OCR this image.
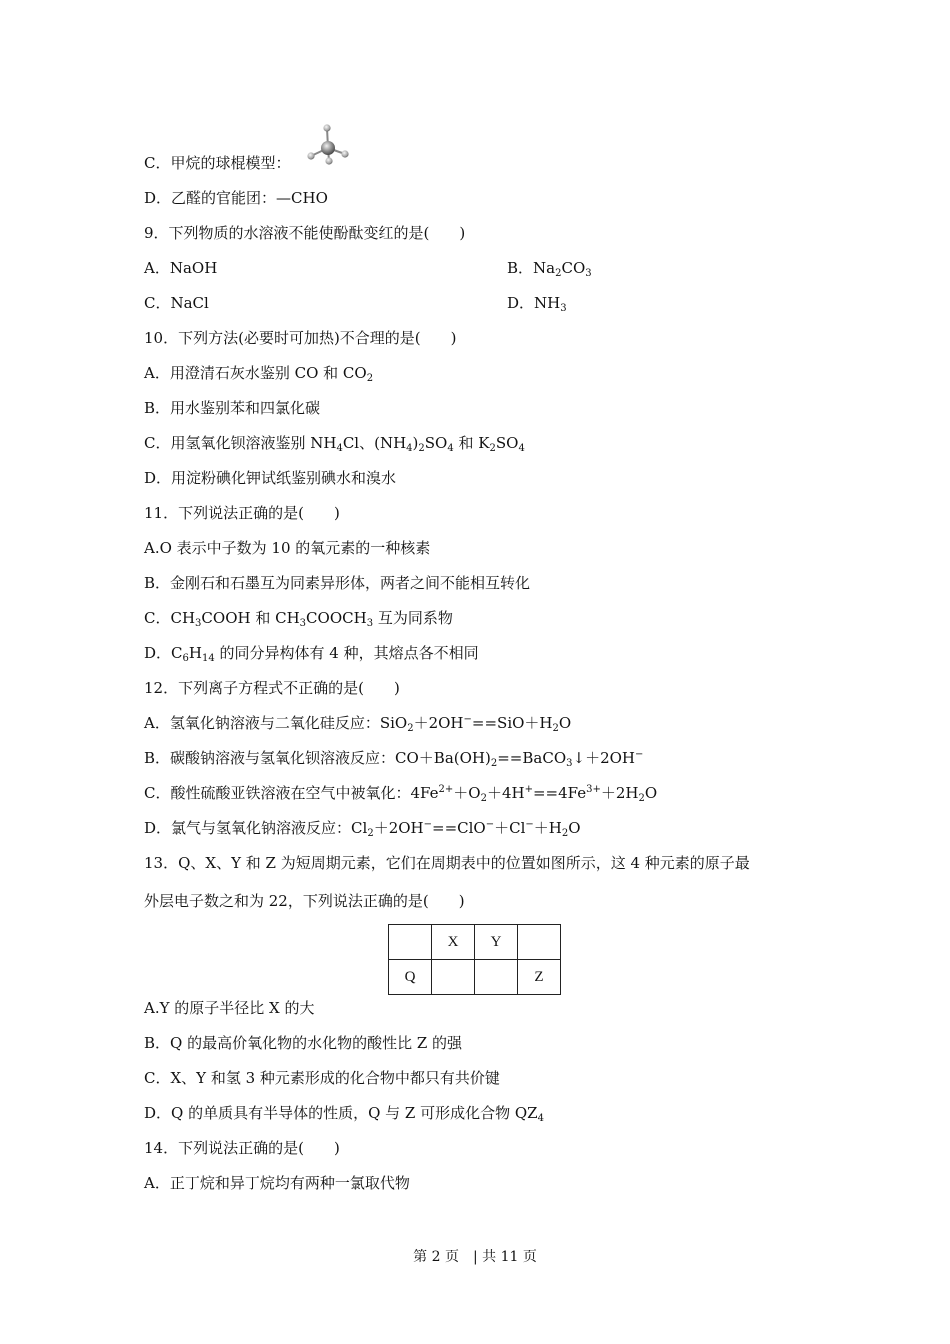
C．甲烷的球棍模型：
D．乙醛的官能团：—CHO
9．下列物质的水溶液不能使酚酞变红的是(　　)
A．NaOH	B．$Na_2CO_3$
C．NaCl	D．$NH_3$
10．下列方法(必要时可加热)不合理的是(　　)
A．用澄清石灰水鉴别 CO 和 $CO_2$
B．用水鉴别苯和四氯化碳
C．用氢氧化钡溶液鉴别 $NH_4Cl$、$(NH_4)_2SO_4$ 和 $K_2SO_4$
D．用淀粉碘化钾试纸鉴别碘水和溴水
11．下列说法正确的是(　　)
A.O 表示中子数为 10 的氧元素的一种核素
B．金刚石和石墨互为同素异形体，两者之间不能相互转化
C．$CH_3COOH$ 和 $CH_3COOCH_3$ 互为同系物
D．$C_6H_{14}$ 的同分异构体有 4 种，其熔点各不相同
12．下列离子方程式不正确的是(　　)
A．氢氧化钠溶液与二氧化硅反应：$SiO_2+2OH^-==SiO+H_2O$
B．碳酸钠溶液与氢氧化钡溶液反应：$CO+Ba(OH)_2==BaCO_3↓+2OH^-$
C．酸性硫酸亚铁溶液在空气中被氧化：$4Fe^{2+}+O_2+4H^+==4Fe^{3+}+2H_2O$
D．氯气与氢氧化钠溶液反应：$Cl_2+2OH^-==ClO^-+Cl^-+H_2O$
13．Q、X、Y 和 Z 为短周期元素，它们在周期表中的位置如图所示，这 4 种元素的原子最
外层电子数之和为 22，下列说法正确的是(　　)
	X	Y	
Q			Z
A.Y 的原子半径比 X 的大
B．Q 的最高价氧化物的水化物的酸性比 Z 的强
C．X、Y 和氢 3 种元素形成的化合物中都只有共价键
D．Q 的单质具有半导体的性质，Q 与 Z 可形成化合物 $QZ_4$
14．下列说法正确的是(　　)
A．正丁烷和异丁烷均有两种一氯取代物
第 2 页　| 共 11 页
